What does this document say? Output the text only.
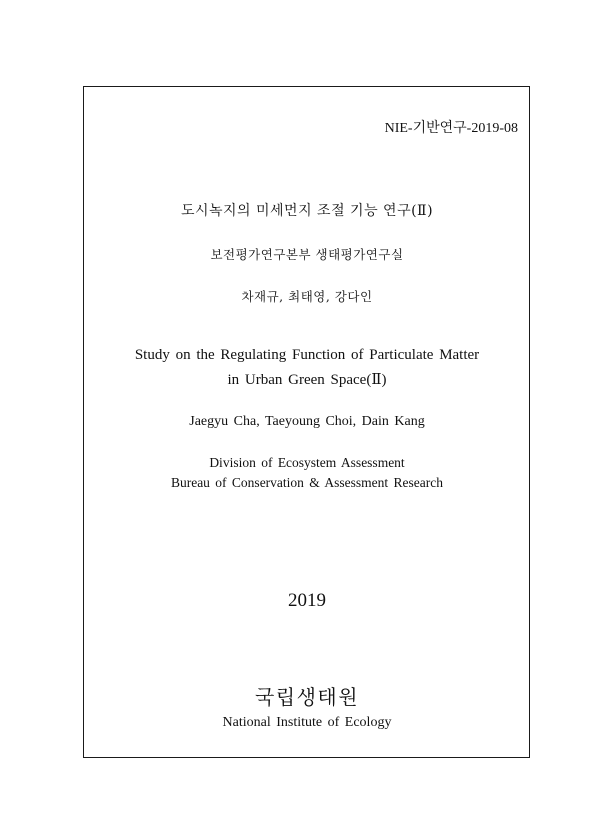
NIE-기반연구-2019-08
도시녹지의 미세먼지 조절 기능 연구(Ⅱ)
보전평가연구본부 생태평가연구실
차재규, 최태영, 강다인
Study on the Regulating Function of Particulate Matter
in Urban Green Space(Ⅱ)
Jaegyu Cha, Taeyoung Choi, Dain Kang
Division of Ecosystem Assessment
Bureau of Conservation & Assessment Research
2019
국립생태원
National Institute of Ecology
